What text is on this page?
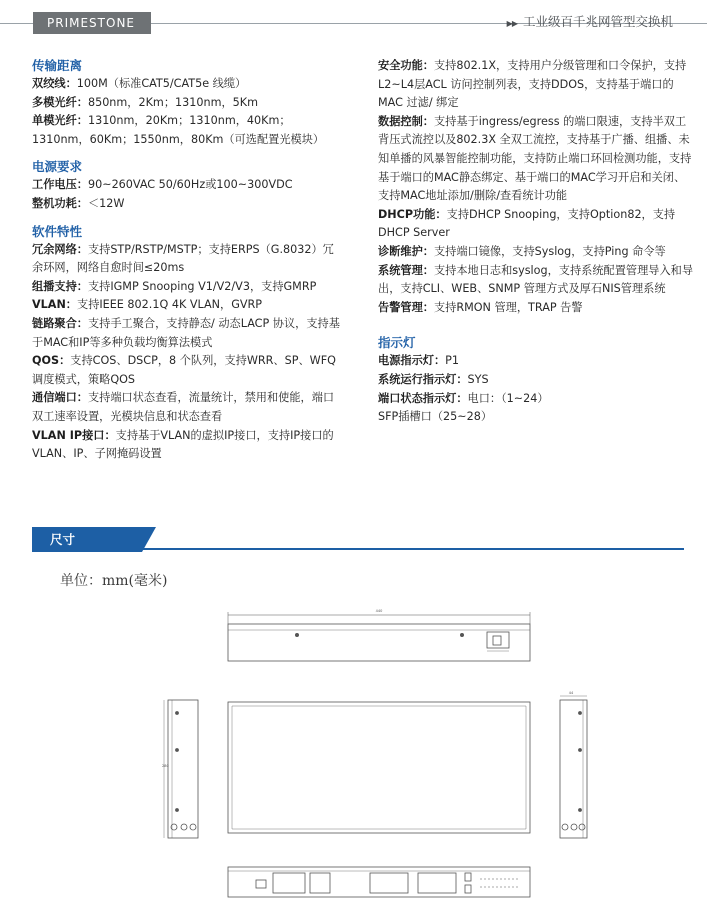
PRIMESTONE	▶▶ 工业级百千兆网管型交换机
传输距离
双绞线：100M（标准CAT5/CAT5e 线缆）
多模光纤：850nm，2Km；1310nm，5Km
单模光纤：1310nm，20Km；1310nm，40Km；1310nm，60Km；1550nm，80Km（可选配置光模块）
电源要求
工作电压：90~260VAC 50/60Hz或100~300VDC
整机功耗：＜12W
软件特性
冗余网络：支持STP/RSTP/MSTP；支持ERPS（G.8032）冗余环网，网络自愈时间≤20ms
组播支持：支持IGMP Snooping V1/V2/V3，支持GMRP
VLAN：支持IEEE 802.1Q 4K VLAN，GVRP
链路聚合：支持手工聚合，支持静态/ 动态LACP 协议，支持基于MAC和IP等多种负载均衡算法模式
QOS：支持COS、DSCP，8 个队列，支持WRR、SP、WFQ 调度模式，策略QOS
通信端口：支持端口状态查看，流量统计，禁用和使能，端口双工速率设置，光模块信息和状态查看
VLAN IP接口：支持基于VLAN的虚拟IP接口，支持IP接口的VLAN、IP、子网掩码设置
安全功能：支持802.1X，支持用户分级管理和口令保护，支持L2~L4层ACL 访问控制列表，支持DDOS，支持基于端口的MAC 过滤/ 绑定
数据控制：支持基于ingress/egress 的端口限速，支持半双工背压式流控以及802.3X 全双工流控，支持基于广播、组播、未知单播的风暴智能控制功能，支持防止端口环回检测功能，支持基于端口的MAC静态绑定、基于端口的MAC学习开启和关闭、支持MAC地址添加/删除/查看统计功能
DHCP功能：支持DHCP Snooping，支持Option82，支持DHCP Server
诊断维护：支持端口镜像，支持Syslog，支持Ping 命令等
系统管理：支持本地日志和syslog，支持系统配置管理导入和导出，支持CLI、WEB、SNMP 管理方式及厚石NIS管理系统
告警管理：支持RMON 管理，TRAP 告警
指示灯
电源指示灯：P1
系统运行指示灯：SYS
端口状态指示灯：电口：（1~24）
SFP插槽口（25~28）
尺寸
单位：mm(毫米)
440
280
44
